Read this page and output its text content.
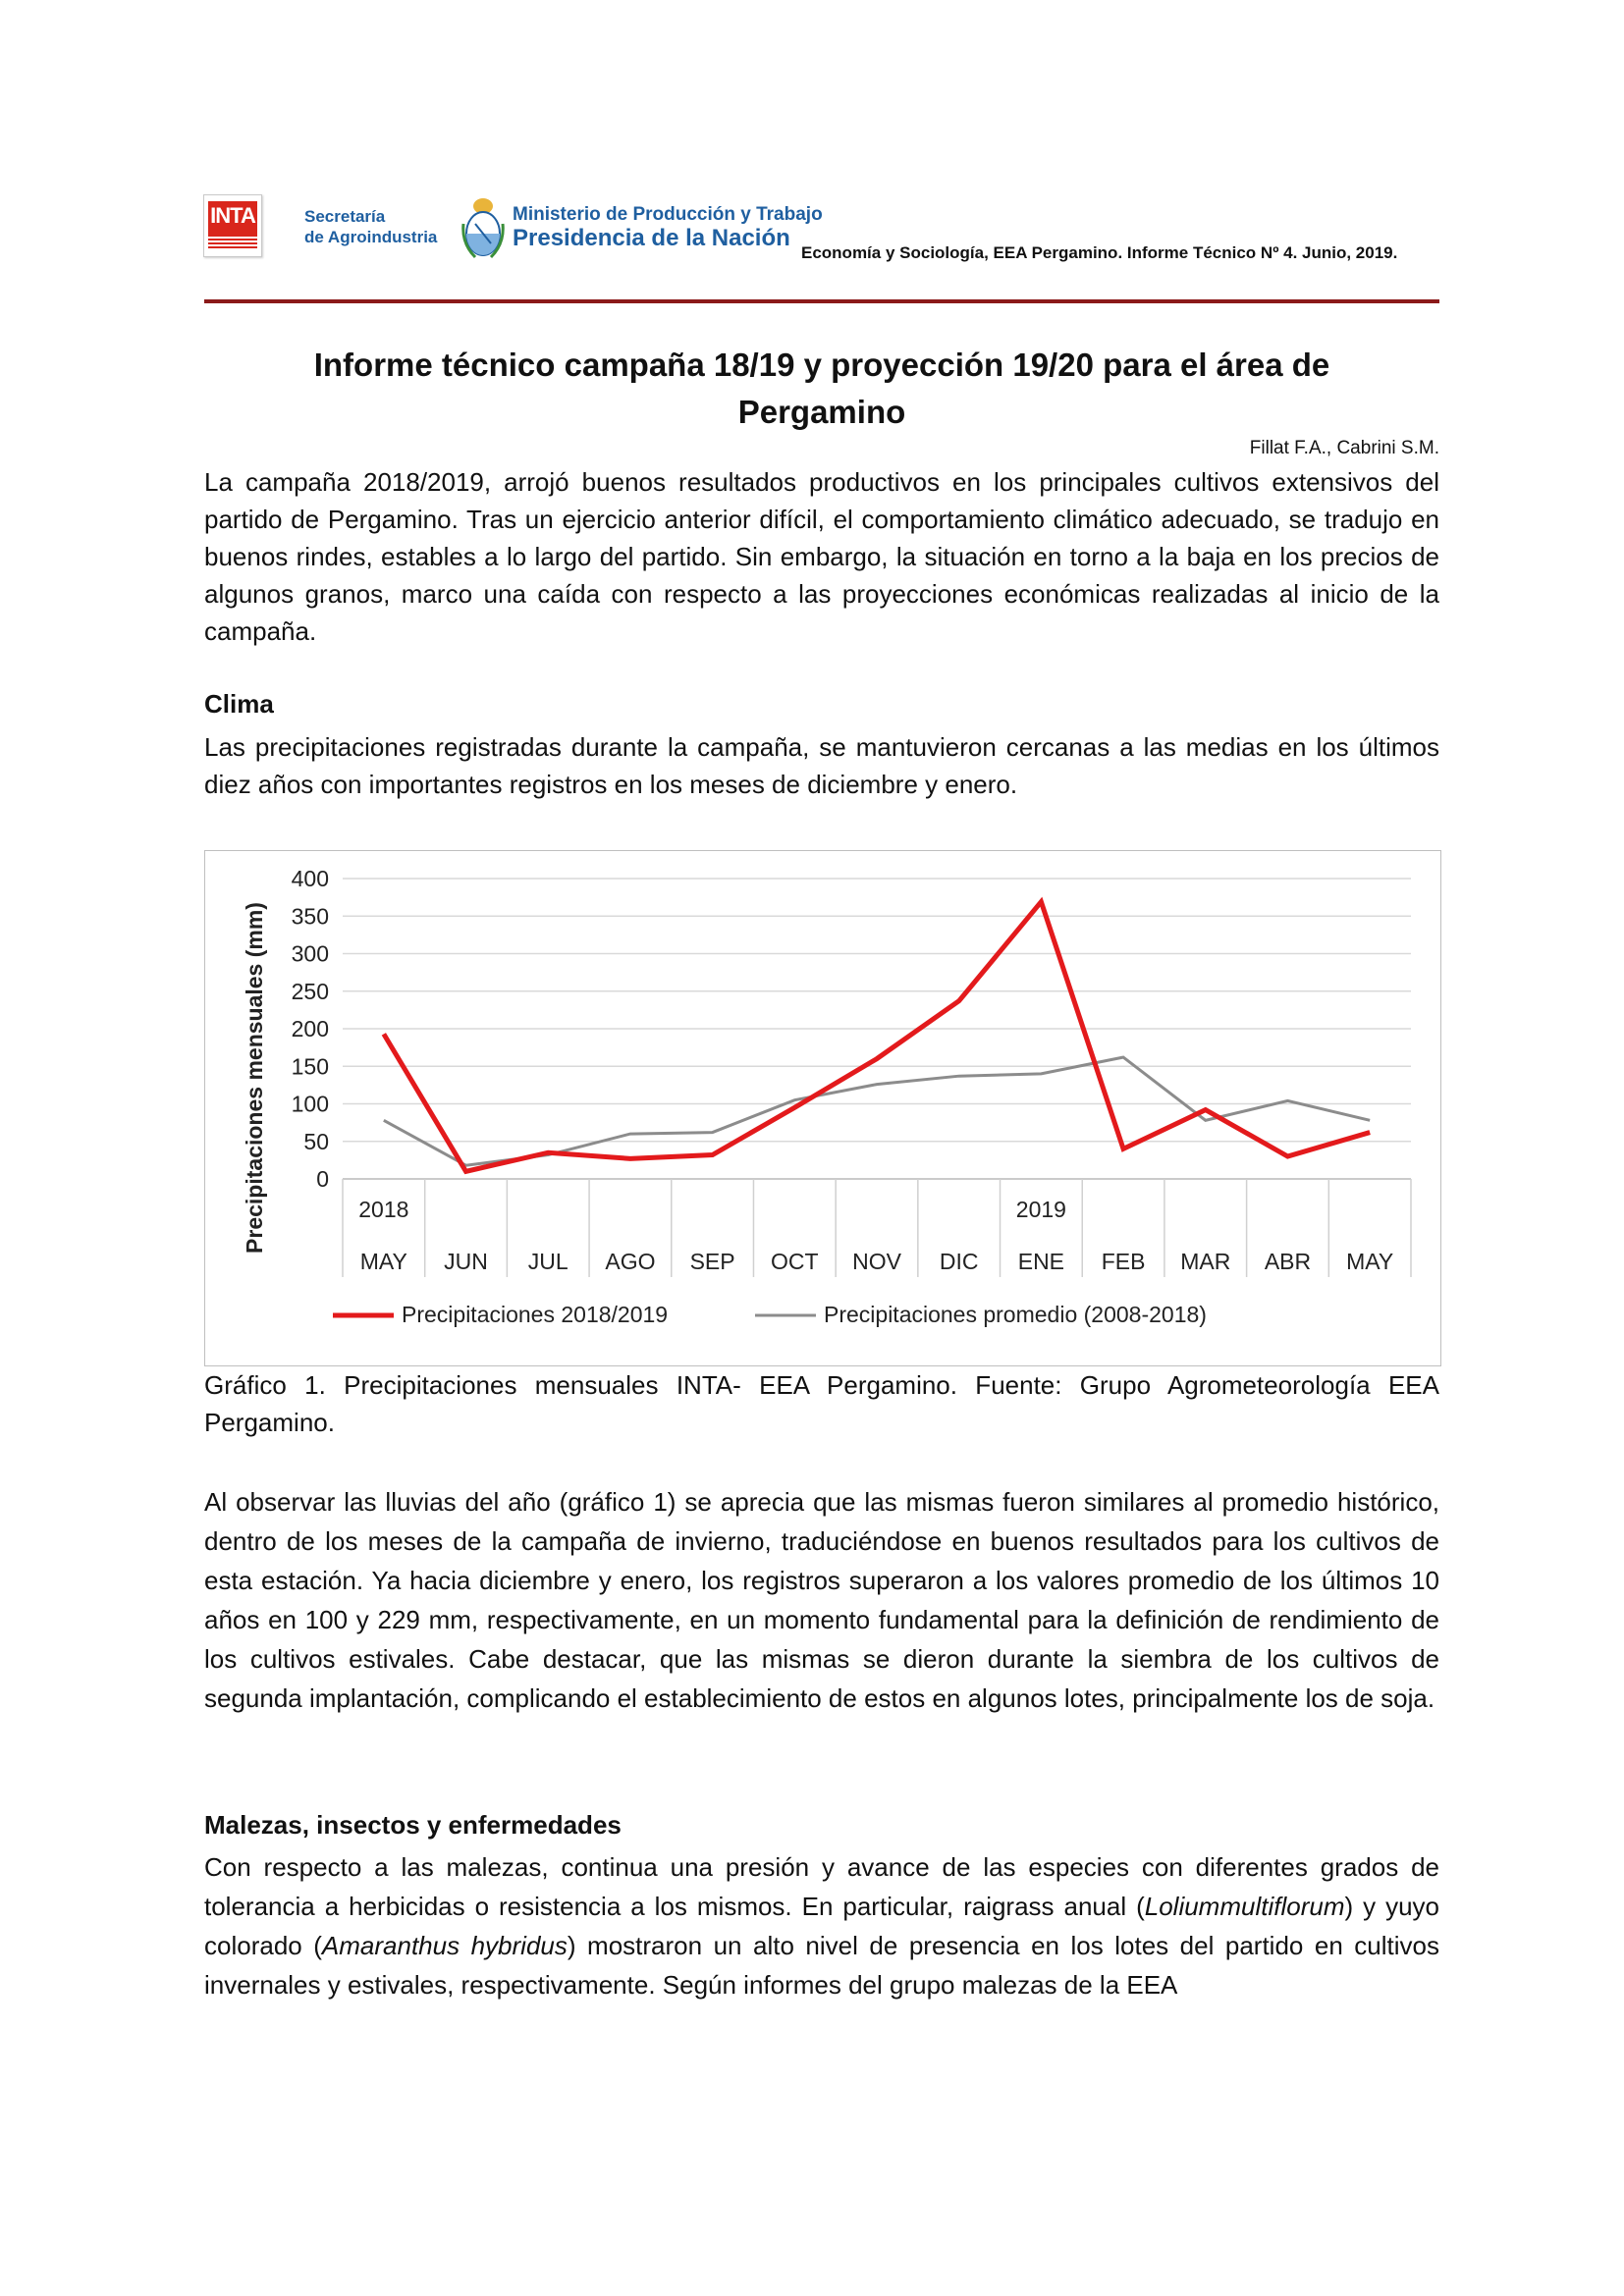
INTA	Secretaría
de Agroindustria
Ministerio de Producción y Trabajo
Presidencia de la Nación
Economía y Sociología, EEA Pergamino. Informe Técnico Nº 4. Junio, 2019.
Informe técnico campaña 18/19 y proyección 19/20 para el área de
Pergamino
Fillat F.A., Cabrini S.M.
La campaña 2018/2019, arrojó buenos resultados productivos en los principales cultivos extensivos del partido de Pergamino. Tras un ejercicio anterior difícil, el comportamiento climático adecuado, se tradujo en buenos rindes, estables a lo largo del partido. Sin embargo, la situación en torno a la baja en los precios de algunos granos, marco una caída con respecto a las proyecciones económicas realizadas al inicio de la campaña.
Clima
Las precipitaciones registradas durante la campaña, se mantuvieron cercanas a las medias en los últimos diez años con importantes registros en los meses de diciembre y enero.
0
50
100
150
200
250
300
350
400
MAY JUN JUL AGO SEP OCT NOV DIC ENE FEB MAR ABR MAY
2018	2019
Precipitaciones mensuales (mm)
Precipitaciones 2018/2019	Precipitaciones promedio (2008-2018)
Gráfico 1. Precipitaciones mensuales INTA- EEA Pergamino. Fuente: Grupo Agrometeorología EEA Pergamino.
Al observar las lluvias del año (gráfico 1) se aprecia que las mismas fueron similares al promedio histórico, dentro de los meses de la campaña de invierno, traduciéndose en buenos resultados para los cultivos de esta estación. Ya hacia diciembre y enero, los registros superaron a los valores promedio de los últimos 10 años en 100 y 229 mm, respectivamente, en un momento fundamental para la definición de rendimiento de los cultivos estivales. Cabe destacar, que las mismas se dieron durante la siembra de los cultivos de segunda implantación, complicando el establecimiento de estos en algunos lotes, principalmente los de soja.
Malezas, insectos y enfermedades
Con respecto a las malezas, continua una presión y avance de las especies con diferentes grados de tolerancia a herbicidas o resistencia a los mismos. En particular, raigrass anual (Loliummultiflorum) y yuyo colorado (Amaranthus hybridus) mostraron un alto nivel de presencia en los lotes del partido en cultivos invernales y estivales, respectivamente. Según informes del grupo malezas de la EEA
